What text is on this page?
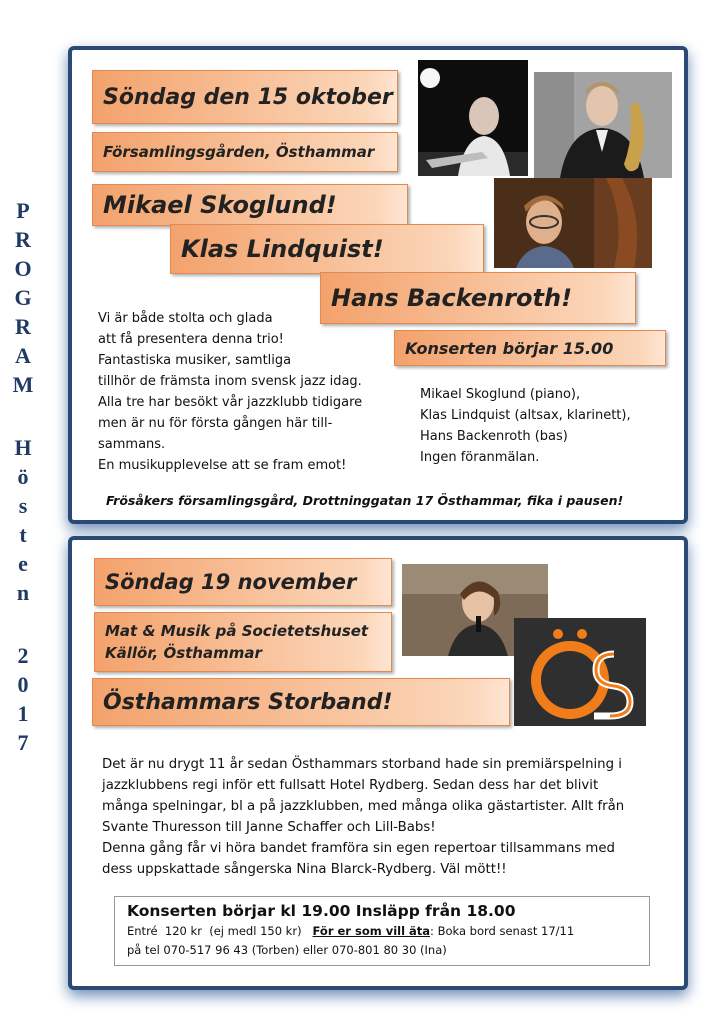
P
R
O
G
R
A
M
H
ö
s
t
e
n
2
0
1
7
Söndag den 15 oktober
Församlingsgården, Östhammar
Mikael Skoglund!
Klas Lindquist!
Hans Backenroth!
Konserten börjar 15.00
Vi är både stolta och glada
att få presentera denna trio!
Fantastiska musiker, samtliga
tillhör de främsta inom svensk jazz idag.
Alla tre har besökt vår jazzklubb tidigare
men är nu för första gången här till-
sammans.
En musikupplevelse att se fram emot!
Mikael Skoglund (piano),
Klas Lindquist (altsax, klarinett),
Hans Backenroth (bas)
Ingen föranmälan.
Frösåkers församlingsgård, Drottninggatan 17 Östhammar, fika i pausen!
Söndag 19 november
Mat & Musik på Societetshuset
Källör, Östhammar
Östhammars Storband!
Det är nu drygt 11 år sedan Östhammars storband hade sin premiärspelning i
jazzklubbens regi inför ett fullsatt Hotel Rydberg. Sedan dess har det blivit
många spelningar, bl a på jazzklubben, med många olika gästartister. Allt från
Svante Thuresson till Janne Schaffer och Lill-Babs!
Denna gång får vi höra bandet framföra sin egen repertoar tillsammans med
dess uppskattade sångerska Nina Blarck-Rydberg. Väl mött!!
Konserten börjar kl 19.00 Insläpp från 18.00
Entré  120 kr  (ej medl 150 kr)   För er som vill äta: Boka bord senast 17/11
på tel 070-517 96 43 (Torben) eller 070-801 80 30 (Ina)
